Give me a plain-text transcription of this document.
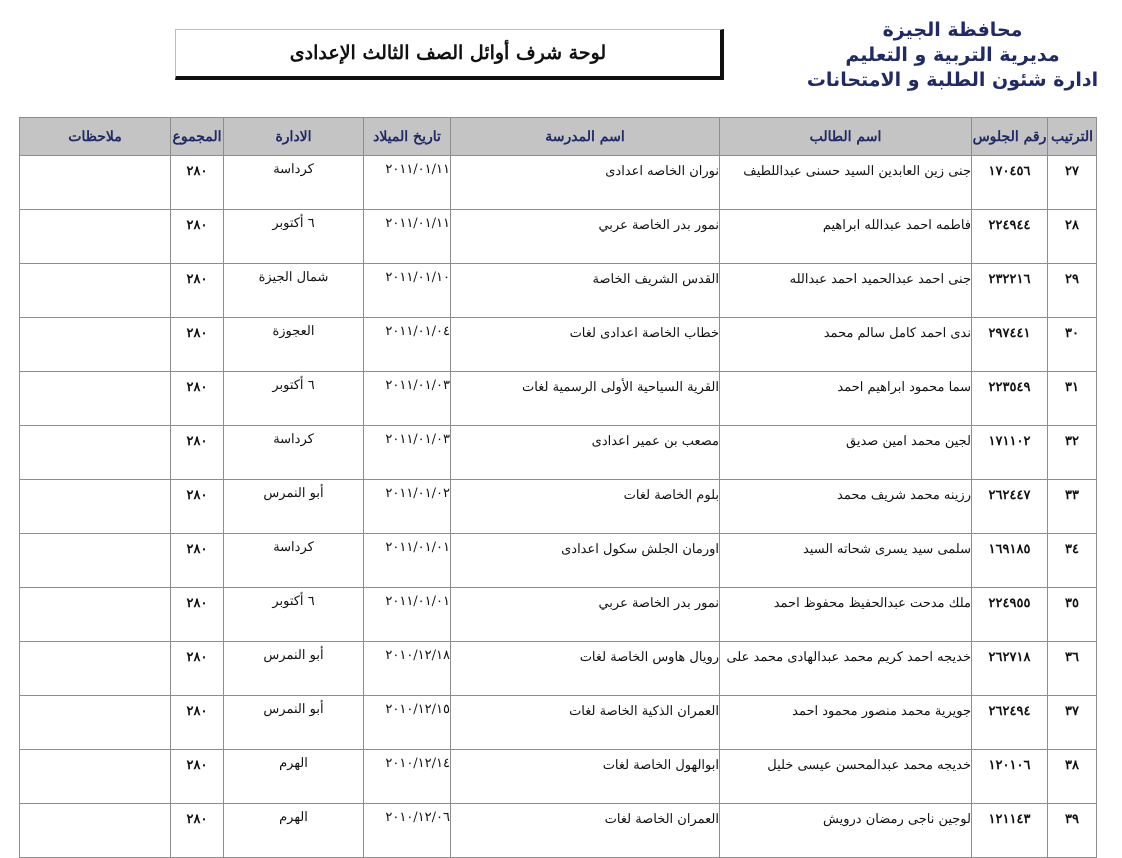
محافظة الجيزة
مديرية التربية و التعليم
ادارة شئون الطلبة و الامتحانات
لوحة شرف أوائل الصف الثالث الإعدادى
الترتيب	رقم الجلوس	اسم الطالب	اسم المدرسة	تاريخ الميلاد	الادارة	المجموع	ملاحظات
٢٧	١٧٠٤٥٦	جنى زين العابدين السيد حسنى عبداللطيف	نوران الخاصه اعدادى	٢٠١١/٠١/١١	كرداسة	٢٨٠	
٢٨	٢٢٤٩٤٤	فاطمه احمد عبدالله ابراهيم	نمور بدر الخاصة عربي	٢٠١١/٠١/١١	٦ أكتوبر	٢٨٠	
٢٩	٢٣٢٢١٦	جنى احمد عبدالحميد احمد عبدالله	القدس الشريف الخاصة	٢٠١١/٠١/١٠	شمال الجيزة	٢٨٠	
٣٠	٢٩٧٤٤١	ندى احمد كامل سالم محمد	خطاب الخاصة اعدادى لغات	٢٠١١/٠١/٠٤	العجوزة	٢٨٠	
٣١	٢٢٣٥٤٩	سما محمود ابراهيم احمد	القرية السياحية الأولى الرسمية لغات	٢٠١١/٠١/٠٣	٦ أكتوبر	٢٨٠	
٣٢	١٧١١٠٢	لجين محمد امين صديق	مصعب بن عمير اعدادى	٢٠١١/٠١/٠٣	كرداسة	٢٨٠	
٣٣	٢٦٢٤٤٧	رزينه محمد شريف محمد	بلوم الخاصة لغات	٢٠١١/٠١/٠٢	أبو النمرس	٢٨٠	
٣٤	١٦٩١٨٥	سلمى سيد يسرى شحاته السيد	اورمان الجلش سكول اعدادى	٢٠١١/٠١/٠١	كرداسة	٢٨٠	
٣٥	٢٢٤٩٥٥	ملك مدحت عبدالحفيظ محفوظ احمد	نمور بدر الخاصة عربي	٢٠١١/٠١/٠١	٦ أكتوبر	٢٨٠	
٣٦	٢٦٢٧١٨	خديجه احمد كريم محمد عبدالهادى محمد على	رويال هاوس الخاصة لغات	٢٠١٠/١٢/١٨	أبو النمرس	٢٨٠	
٣٧	٢٦٢٤٩٤	جويرية محمد منصور محمود احمد	العمران الذكية الخاصة لغات	٢٠١٠/١٢/١٥	أبو النمرس	٢٨٠	
٣٨	١٢٠١٠٦	خديجه محمد عبدالمحسن عيسى خليل	ابوالهول الخاصة لغات	٢٠١٠/١٢/١٤	الهرم	٢٨٠	
٣٩	١٢١١٤٣	لوجين ناجى رمضان درويش	العمران الخاصة لغات	٢٠١٠/١٢/٠٦	الهرم	٢٨٠	
